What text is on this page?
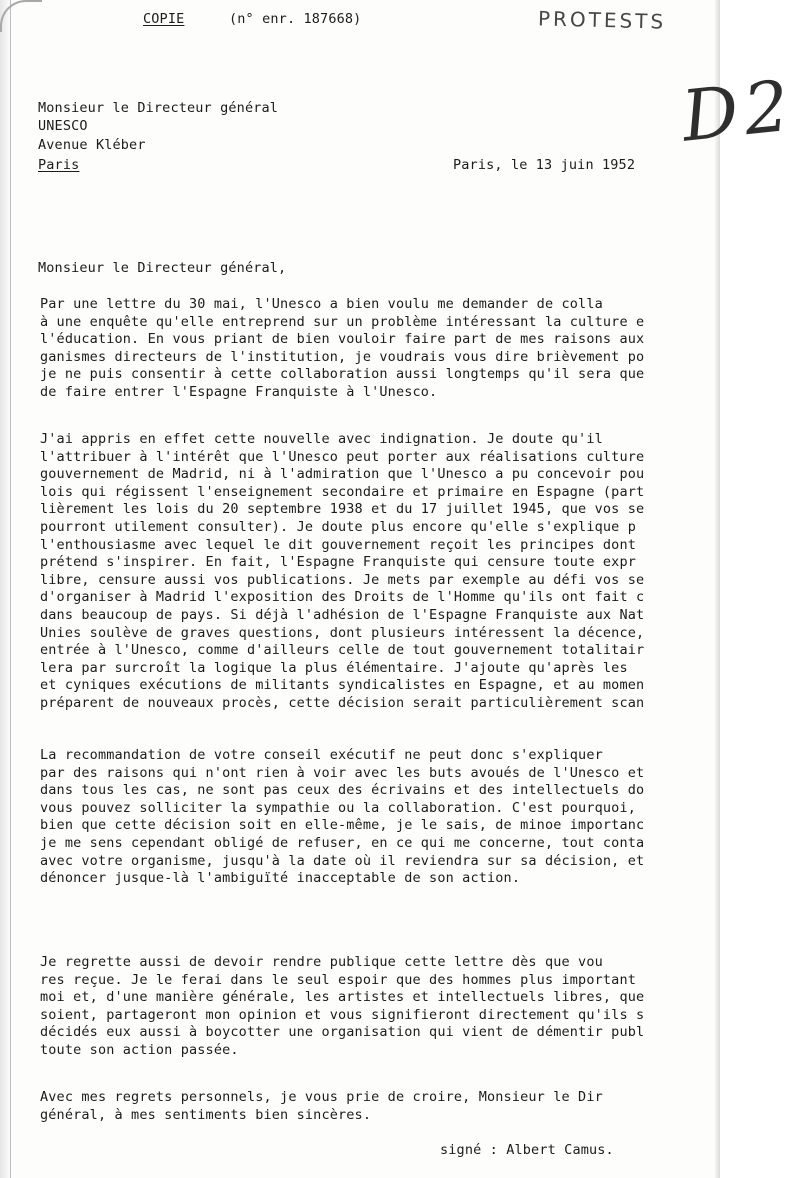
COPIE	(n° enr. 187668)	PROTESTS
D2
Monsieur le Directeur général
UNESCO
Avenue Kléber
Paris	Paris, le 13 juin 1952
Monsieur le Directeur général,
Par une lettre du 30 mai, l'Unesco a bien voulu me demander de colla
à une enquête qu'elle entreprend sur un problème intéressant la culture e
l'éducation. En vous priant de bien vouloir faire part de mes raisons aux
ganismes directeurs de l'institution, je voudrais vous dire brièvement po
je ne puis consentir à cette collaboration aussi longtemps qu'il sera que
de faire entrer l'Espagne Franquiste à l'Unesco.
J'ai appris en effet cette nouvelle avec indignation. Je doute qu'il
l'attribuer à l'intérêt que l'Unesco peut porter aux réalisations culture
gouvernement de Madrid, ni à l'admiration que l'Unesco a pu concevoir pou
lois qui régissent l'enseignement secondaire et primaire en Espagne (part
lièrement les lois du 20 septembre 1938 et du 17 juillet 1945, que vos se
pourront utilement consulter). Je doute plus encore qu'elle s'explique p
l'enthousiasme avec lequel le dit gouvernement reçoit les principes dont
prétend s'inspirer. En fait, l'Espagne Franquiste qui censure toute expr
libre, censure aussi vos publications. Je mets par exemple au défi vos se
d'organiser à Madrid l'exposition des Droits de l'Homme qu'ils ont fait c
dans beaucoup de pays. Si déjà l'adhésion de l'Espagne Franquiste aux Nat
Unies soulève de graves questions, dont plusieurs intéressent la décence,
entrée à l'Unesco, comme d'ailleurs celle de tout gouvernement totalitair
lera par surcroît la logique la plus élémentaire. J'ajoute qu'après les
et cyniques exécutions de militants syndicalistes en Espagne, et au momen
préparent de nouveaux procès, cette décision serait particulièrement scan
La recommandation de votre conseil exécutif ne peut donc s'expliquer
par des raisons qui n'ont rien à voir avec les buts avoués de l'Unesco et
dans tous les cas, ne sont pas ceux des écrivains et des intellectuels do
vous pouvez solliciter la sympathie ou la collaboration. C'est pourquoi,
bien que cette décision soit en elle-même, je le sais, de minoe importanc
je me sens cependant obligé de refuser, en ce qui me concerne, tout conta
avec votre organisme, jusqu'à la date où il reviendra sur sa décision, et
dénoncer jusque-là l'ambiguïté inacceptable de son action.
Je regrette aussi de devoir rendre publique cette lettre dès que vou
res reçue. Je le ferai dans le seul espoir que des hommes plus important
moi et, d'une manière générale, les artistes et intellectuels libres, que
soient, partageront mon opinion et vous signifieront directement qu'ils s
décidés eux aussi à boycotter une organisation qui vient de démentir publ
toute son action passée.
Avec mes regrets personnels, je vous prie de croire, Monsieur le Dir
général, à mes sentiments bien sincères.
signé : Albert Camus.
